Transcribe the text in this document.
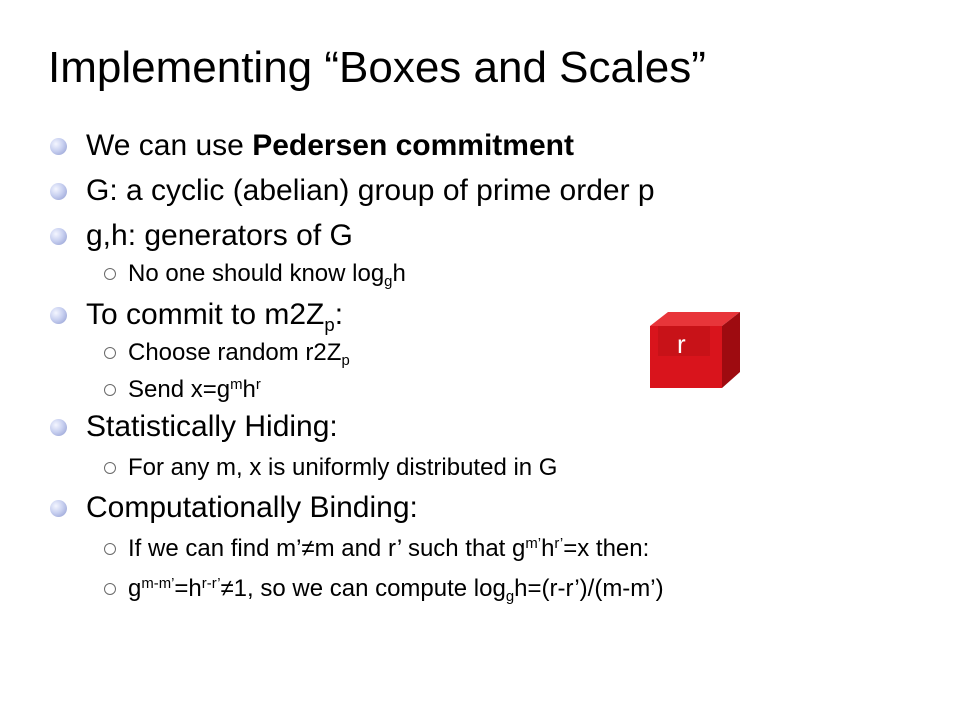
Implementing “Boxes and Scales”
We can use Pedersen commitment
G: a cyclic (abelian) group of prime order p
g,h: generators of G
No one should know $\log_gh$
To commit to $m2Z_p$:
Choose random $r2Z_p$
Send $x=g^mh^r$
Statistically Hiding:
For any m, x is uniformly distributed in G
Computationally Binding:
If we can find m’≠m and r’ such that $g^{m’}h^{r’}=x$ then:
$g^{m-m’}=h^{r-r’}\ne 1$, so we can compute $\log_gh=(r-r’)/(m-m’)$
r
